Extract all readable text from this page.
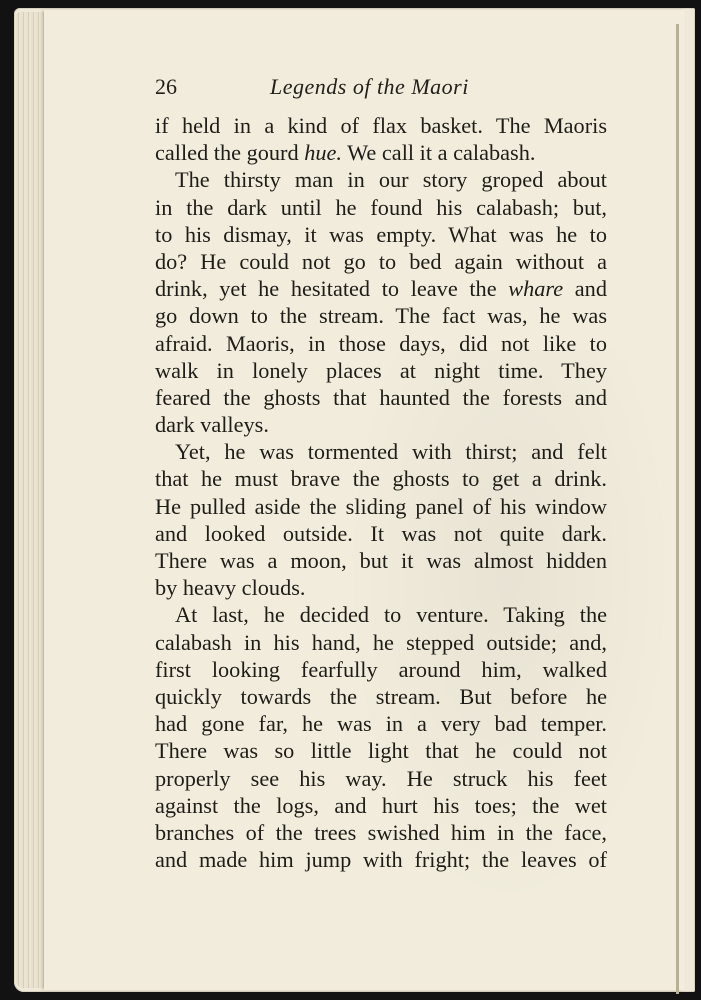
26	Legends of the Maori
if held in a kind of flax basket. The Maoris
called the gourd hue. We call it a calabash.
The thirsty man in our story groped about
in the dark until he found his calabash; but,
to his dismay, it was empty. What was he to
do? He could not go to bed again without a
drink, yet he hesitated to leave the whare and
go down to the stream. The fact was, he was
afraid. Maoris, in those days, did not like to
walk in lonely places at night time. They
feared the ghosts that haunted the forests and
dark valleys.
Yet, he was tormented with thirst; and felt
that he must brave the ghosts to get a drink.
He pulled aside the sliding panel of his window
and looked outside. It was not quite dark.
There was a moon, but it was almost hidden
by heavy clouds.
At last, he decided to venture. Taking the
calabash in his hand, he stepped outside; and,
first looking fearfully around him, walked
quickly towards the stream. But before he
had gone far, he was in a very bad temper.
There was so little light that he could not
properly see his way. He struck his feet
against the logs, and hurt his toes; the wet
branches of the trees swished him in the face,
and made him jump with fright; the leaves of
